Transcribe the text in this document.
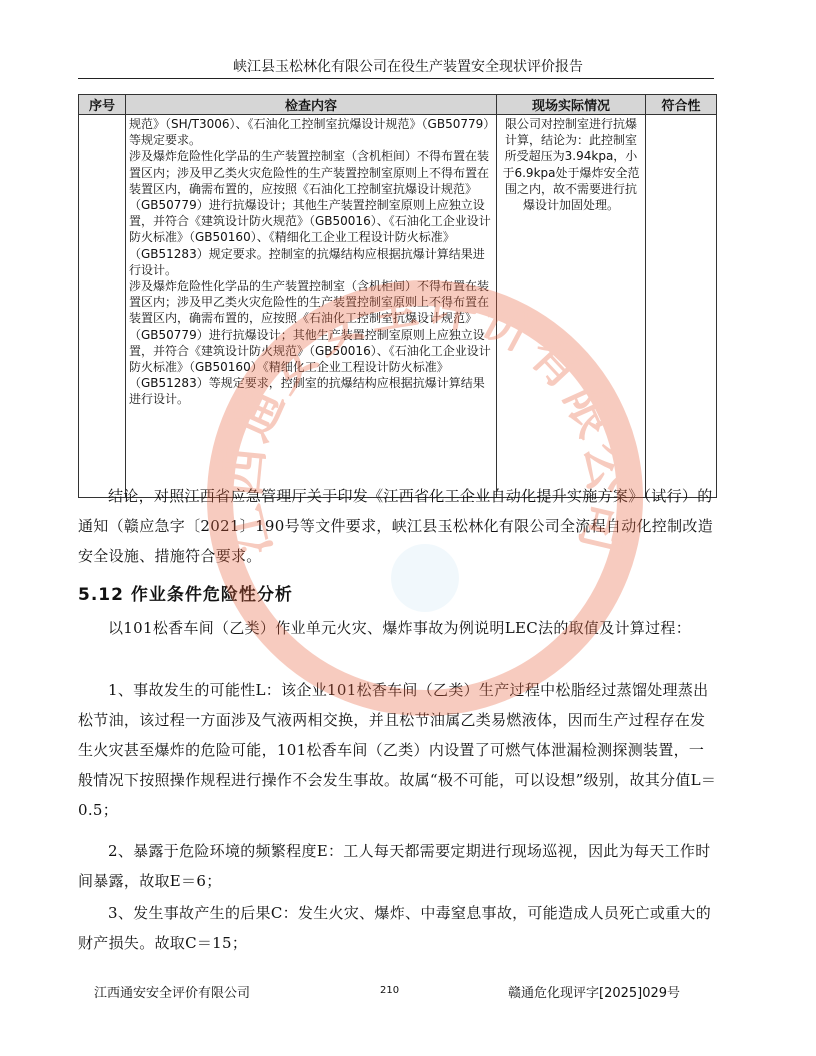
峡江县玉松林化有限公司在役生产装置安全现状评价报告
序号	检查内容	现场实际情况	符合性

	规范》（SH/T3006）、《石油化工控制室抗爆设计规范》（GB50779）等规定要求。

涉及爆炸危险性化学品的生产装置控制室（含机柜间）不得布置在装置区内；涉及甲乙类火灾危险性的生产装置控制室原则上不得布置在装置区内，确需布置的，应按照《石油化工控制室抗爆设计规范》（GB50779）进行抗爆设计；其他生产装置控制室原则上应独立设置，并符合《建筑设计防火规范》（GB50016）、《石油化工企业设计防火标准》（GB50160）、《精细化工企业工程设计防火标准》（GB51283）规定要求。控制室的抗爆结构应根据抗爆计算结果进行设计。

涉及爆炸危险性化学品的生产装置控制室（含机柜间）不得布置在装置区内；涉及甲乙类火灾危险性的生产装置控制室原则上不得布置在装置区内，确需布置的，应按照《石油化工控制室抗爆设计规范》（GB50779）进行抗爆设计；其他生产装置控制室原则上应独立设置，并符合《建筑设计防火规范》（GB50016）、《石油化工企业设计防火标准》（GB50160）《精细化工企业工程设计防火标准》（GB51283）等规定要求，控制室的抗爆结构应根据抗爆计算结果进行设计。	限公司对控制室进行抗爆计算，结论为：此控制室所受超压为3.94kpa，小于6.9kpa处于爆炸安全范围之内，故不需要进行抗爆设计加固处理。	

结论，对照江西省应急管理厅关于印发《江西省化工企业自动化提升实施方案》（试行）的通知（赣应急字〔2021〕190号等文件要求，峡江县玉松林化有限公司全流程自动化控制改造安全设施、措施符合要求。

5.12 作业条件危险性分析

以101松香车间（乙类）作业单元火灾、爆炸事故为例说明LEC法的取值及计算过程：

1、事故发生的可能性L：该企业101松香车间（乙类）生产过程中松脂经过蒸馏处理蒸出松节油，该过程一方面涉及气液两相交换，并且松节油属乙类易燃液体，因而生产过程存在发生火灾甚至爆炸的危险可能，101松香车间（乙类）内设置了可燃气体泄漏检测探测装置，一般情况下按照操作规程进行操作不会发生事故。故属“极不可能，可以设想”级别，故其分值L＝0.5；

2、暴露于危险环境的频繁程度E：工人每天都需要定期进行现场巡视，因此为每天工作时间暴露，故取E＝6；

3、发生事故产生的后果C：发生火灾、爆炸、中毒窒息事故，可能造成人员死亡或重大的财产损失。故取C＝15；

江西通安安全评价有限公司
江西通安安全评价有限公司	210	赣通危化现评字[2025]029号
